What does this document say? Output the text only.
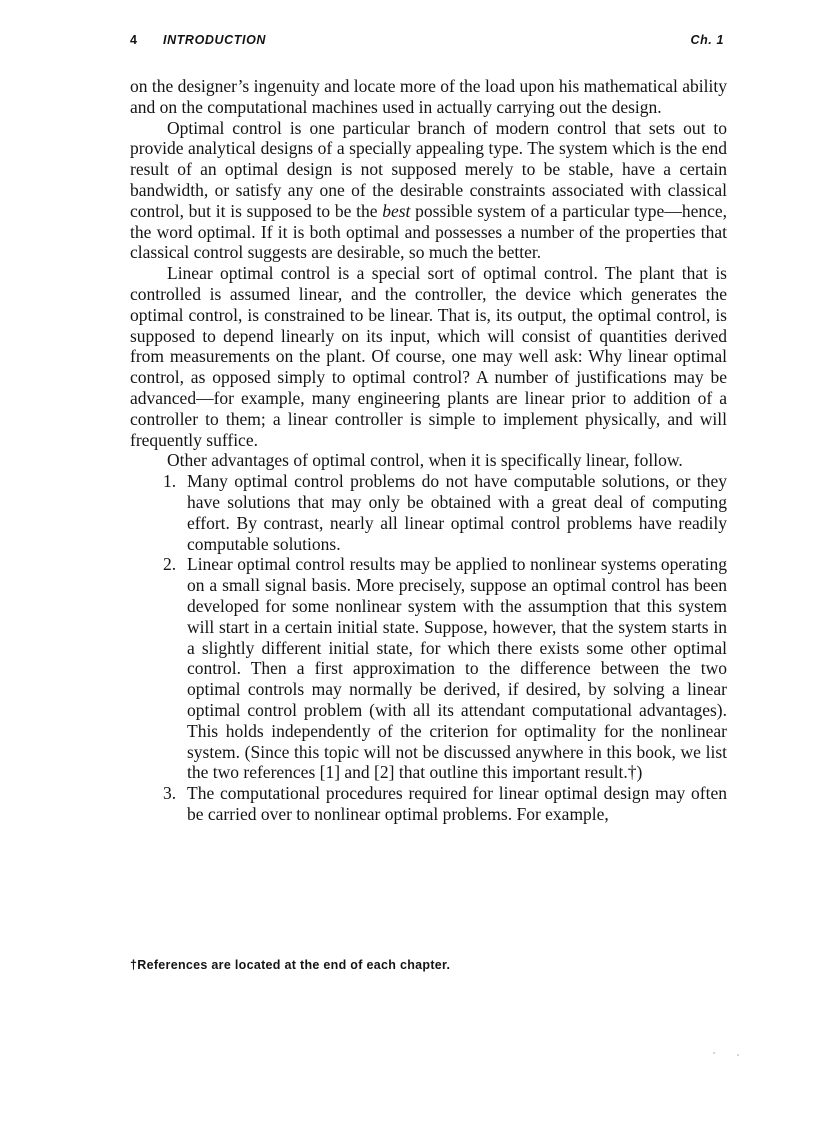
4 INTRODUCTION	Ch. 1

on the designer’s ingenuity and locate more of the load upon his mathematical ability and on the computational machines used in actually carrying out the design.

Optimal control is one particular branch of modern control that sets out to provide analytical designs of a specially appealing type. The system which is the end result of an optimal design is not supposed merely to be stable, have a certain bandwidth, or satisfy any one of the desirable constraints associated with classical control, but it is supposed to be the best possible system of a particular type—hence, the word optimal. If it is both optimal and possesses a number of the properties that classical control suggests are desirable, so much the better.

Linear optimal control is a special sort of optimal control. The plant that is controlled is assumed linear, and the controller, the device which generates the optimal control, is constrained to be linear. That is, its output, the optimal control, is supposed to depend linearly on its input, which will consist of quantities derived from measurements on the plant. Of course, one may well ask: Why linear optimal control, as opposed simply to optimal control? A number of justifications may be advanced—for example, many engineering plants are linear prior to addition of a controller to them; a linear controller is simple to implement physically, and will frequently suffice.

Other advantages of optimal control, when it is specifically linear, follow.

1. Many optimal control problems do not have computable solutions, or they have solutions that may only be obtained with a great deal of computing effort. By contrast, nearly all linear optimal control problems have readily computable solutions.
2. Linear optimal control results may be applied to nonlinear systems operating on a small signal basis. More precisely, suppose an optimal control has been developed for some nonlinear system with the assumption that this system will start in a certain initial state. Suppose, however, that the system starts in a slightly different initial state, for which there exists some other optimal control. Then a first approximation to the difference between the two optimal controls may normally be derived, if desired, by solving a linear optimal control problem (with all its attendant computational advantages). This holds independently of the criterion for optimality for the nonlinear system. (Since this topic will not be discussed anywhere in this book, we list the two references [1] and [2] that outline this important result.†)
3. The computational procedures required for linear optimal design may often be carried over to nonlinear optimal problems. For example,
†References are located at the end of each chapter.
